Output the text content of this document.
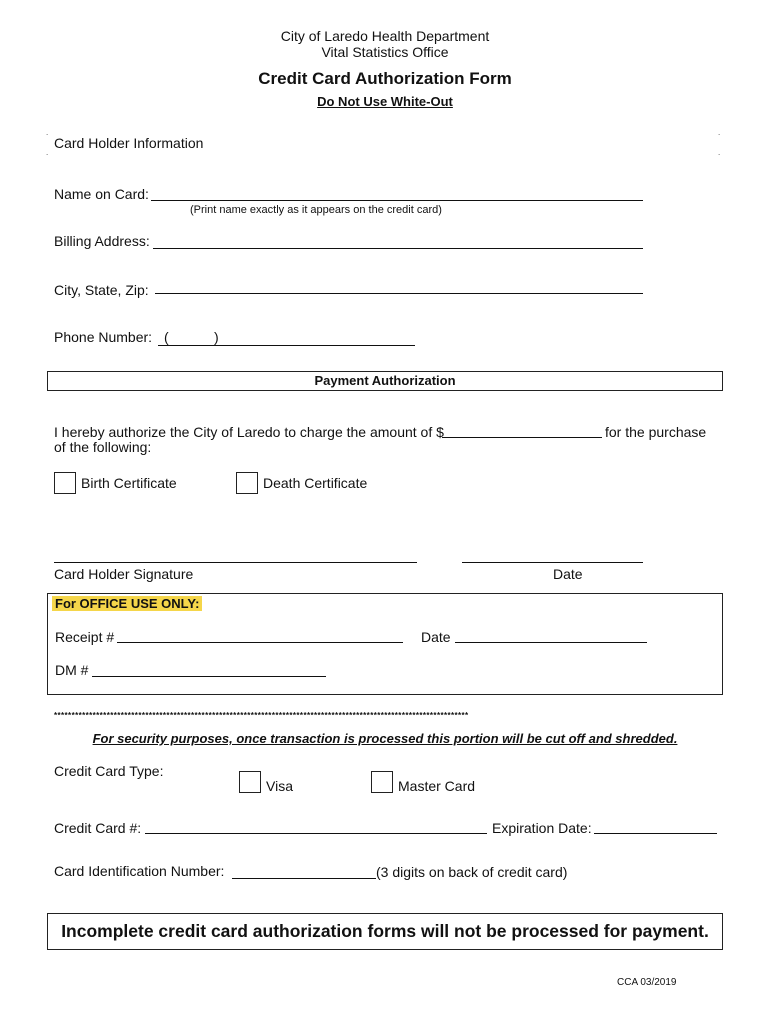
City of Laredo Health Department
Vital Statistics Office
Credit Card Authorization Form
Do Not Use White-Out
.
.
.
.
Card Holder Information
Name on Card:
(Print name exactly as it appears on the credit card)
Billing Address:
City, State, Zip:
Phone Number: (	)
Payment Authorization
I hereby authorize the City of Laredo to charge the amount of $	for the purchase
of the following:
Birth Certificate	Death Certificate
Card Holder Signature	Date
For OFFICE USE ONLY:
Receipt #	Date
DM #
**********************************************************************************************************************
For security purposes, once transaction is processed this portion will be cut off and shredded.
Credit Card Type:
Visa	Master Card
Credit Card #:	Expiration Date:
Card Identification Number:	(3 digits on back of credit card)
Incomplete credit card authorization forms will not be processed for payment.
CCA 03/2019
